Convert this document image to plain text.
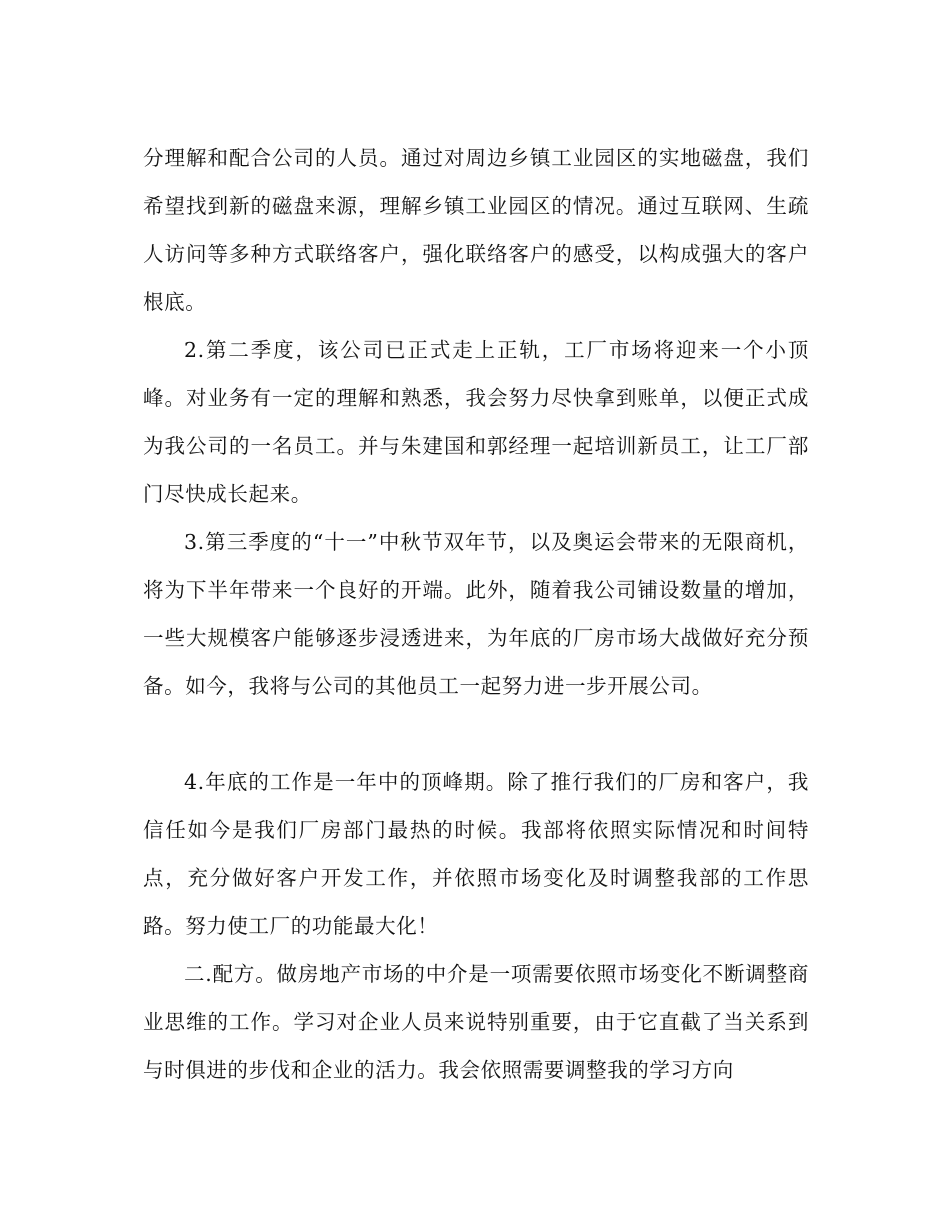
分理解和配合公司的人员。通过对周边乡镇工业园区的实地磁盘，我们希望找到新的磁盘来源，理解乡镇工业园区的情况。通过互联网、生疏人访问等多种方式联络客户，强化联络客户的感受，以构成强大的客户根底。

2.第二季度，该公司已正式走上正轨，工厂市场将迎来一个小顶峰。对业务有一定的理解和熟悉，我会努力尽快拿到账单，以便正式成为我公司的一名员工。并与朱建国和郭经理一起培训新员工，让工厂部门尽快成长起来。

3.第三季度的“十一”中秋节双年节，以及奥运会带来的无限商机，将为下半年带来一个良好的开端。此外，随着我公司铺设数量的增加，一些大规模客户能够逐步浸透进来，为年底的厂房市场大战做好充分预备。如今，我将与公司的其他员工一起努力进一步开展公司。

4.年底的工作是一年中的顶峰期。除了推行我们的厂房和客户，我信任如今是我们厂房部门最热的时候。我部将依照实际情况和时间特点，充分做好客户开发工作，并依照市场变化及时调整我部的工作思路。努力使工厂的功能最大化！

二.配方。做房地产市场的中介是一项需要依照市场变化不断调整商业思维的工作。学习对企业人员来说特别重要，由于它直截了当关系到与时俱进的步伐和企业的活力。我会依照需要调整我的学习方向
